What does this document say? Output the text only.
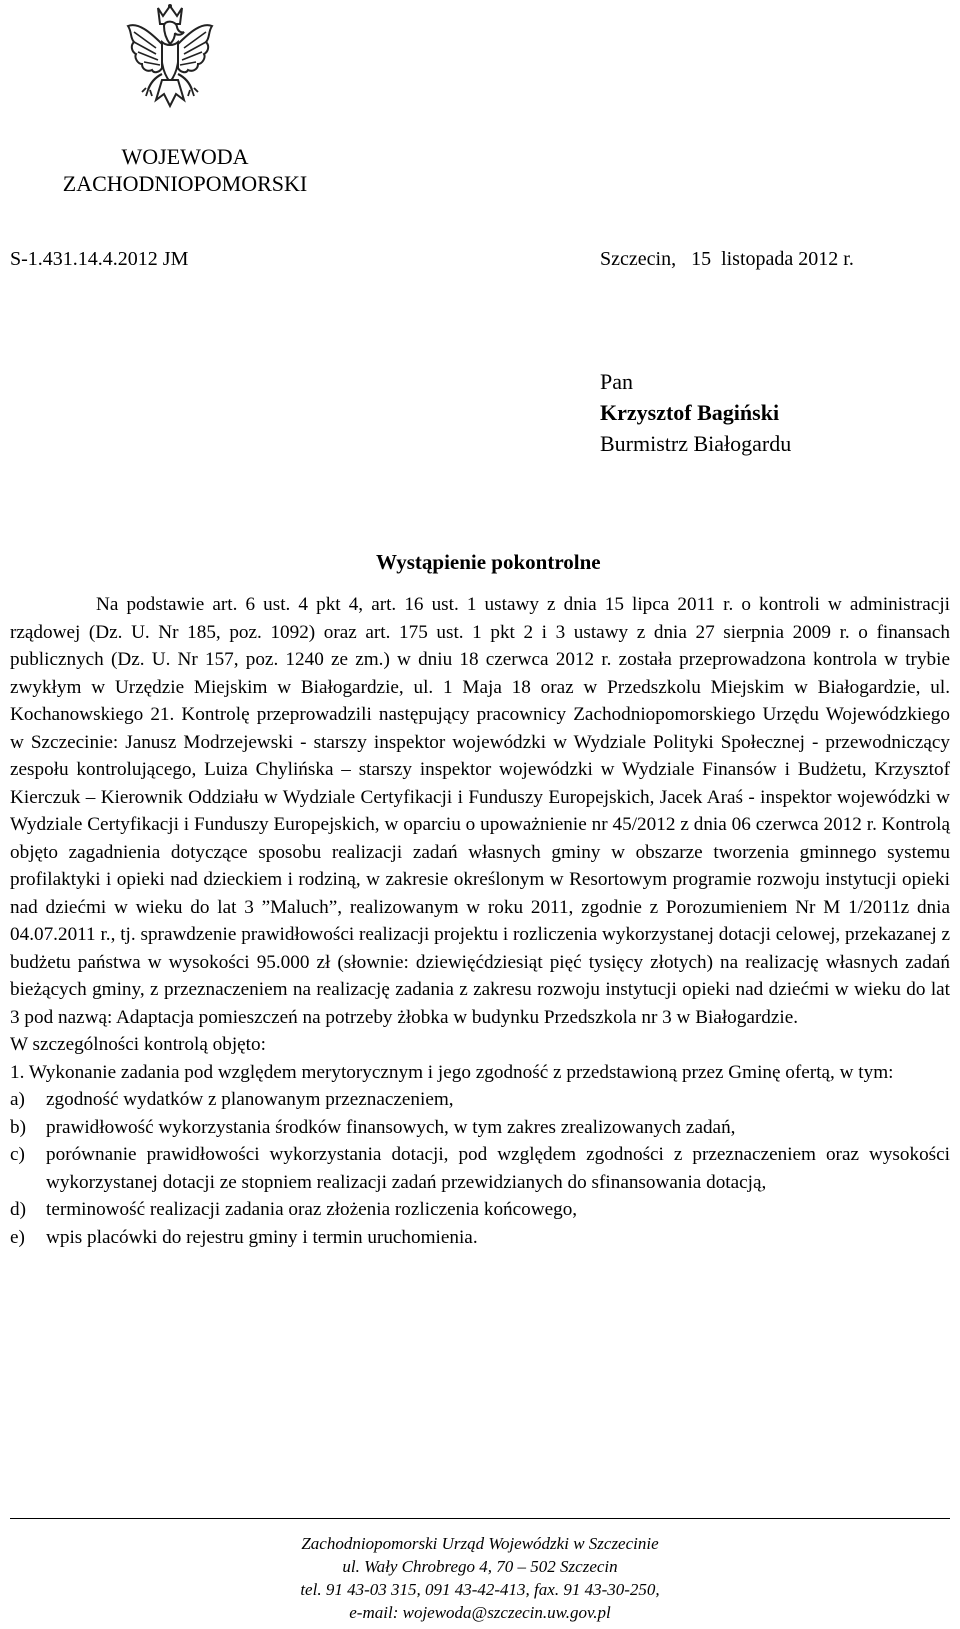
WOJEWODA
ZACHODNIOPOMORSKI
S-1.431.14.4.2012 JM	Szczecin,   15  listopada 2012 r.
Pan
Krzysztof Bagiński
Burmistrz Białogardu
Wystąpienie pokontrolne

Na podstawie art. 6 ust. 4 pkt 4, art. 16 ust. 1 ustawy z dnia 15 lipca 2011 r. o kontroli w administracji rządowej (Dz. U. Nr 185, poz. 1092) oraz art. 175 ust. 1 pkt 2 i 3 ustawy z dnia 27 sierpnia 2009 r. o finansach publicznych (Dz. U. Nr 157, poz. 1240 ze zm.) w dniu 18 czerwca 2012 r. została przeprowadzona kontrola w trybie zwykłym w Urzędzie Miejskim w Białogardzie, ul. 1 Maja 18 oraz w Przedszkolu Miejskim w Białogardzie, ul. Kochanowskiego 21. Kontrolę przeprowadzili następujący pracownicy Zachodniopomorskiego Urzędu Wojewódzkiego w Szczecinie: Janusz Modrzejewski - starszy inspektor wojewódzki w Wydziale Polityki Społecznej - przewodniczący zespołu kontrolującego, Luiza Chylińska – starszy inspektor wojewódzki w Wydziale Finansów i Budżetu, Krzysztof Kierczuk – Kierownik Oddziału w Wydziale Certyfikacji i Funduszy Europejskich, Jacek Araś - inspektor wojewódzki w Wydziale Certyfikacji i Funduszy Europejskich, w oparciu o upoważnienie nr 45/2012 z dnia 06 czerwca 2012 r. Kontrolą objęto zagadnienia dotyczące sposobu realizacji zadań własnych gminy w obszarze tworzenia gminnego systemu profilaktyki i opieki nad dzieckiem i rodziną, w zakresie określonym w Resortowym programie rozwoju instytucji opieki nad dziećmi w wieku do lat 3 ”Maluch”, realizowanym w roku 2011, zgodnie z Porozumieniem Nr M 1/2011z dnia 04.07.2011 r., tj. sprawdzenie prawidłowości realizacji projektu i rozliczenia wykorzystanej dotacji celowej, przekazanej z budżetu państwa w wysokości 95.000 zł (słownie: dziewięćdziesiąt pięć tysięcy złotych) na realizację własnych zadań bieżących gminy, z przeznaczeniem na realizację zadania z zakresu rozwoju instytucji opieki nad dziećmi w wieku do lat 3 pod nazwą: Adaptacja pomieszczeń na potrzeby żłobka w budynku Przedszkola nr 3 w Białogardzie.

W szczególności kontrolą objęto:

1. Wykonanie zadania pod względem merytorycznym i jego zgodność z przedstawioną przez Gminę ofertą, w tym:

a) zgodność wydatków z planowanym przeznaczeniem,
b) prawidłowość wykorzystania środków finansowych, w tym zakres zrealizowanych zadań,
c) porównanie prawidłowości wykorzystania dotacji, pod względem zgodności z przeznaczeniem oraz wysokości wykorzystanej dotacji ze stopniem realizacji zadań przewidzianych do sfinansowania dotacją,
d) terminowość realizacji zadania oraz złożenia rozliczenia końcowego,
e) wpis placówki do rejestru gminy i termin uruchomienia.
Zachodniopomorski Urząd Wojewódzki w Szczecinie
ul. Wały Chrobrego 4, 70 – 502 Szczecin
tel. 91 43-03 315, 091 43-42-413, fax. 91 43-30-250,
e-mail: wojewoda@szczecin.uw.gov.pl
